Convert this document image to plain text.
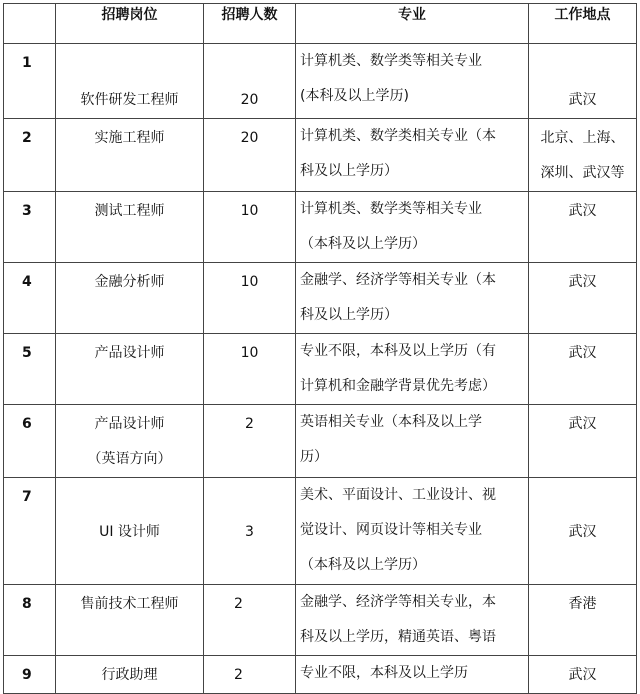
	招聘岗位	招聘人数	专业	工作地点

1	软件研发工程师	20	计算机类、数学类等相关专业
(本科及以上学历)	武汉

2	实施工程师	20	计算机类、数学类相关专业（本
科及以上学历）	北京、上海、
深圳、武汉等

3	测试工程师	10	计算机类、数学类等相关专业
（本科及以上学历）	武汉

4	金融分析师	10	金融学、经济学等相关专业（本
科及以上学历）	武汉

5	产品设计师	10	专业不限，本科及以上学历（有
计算机和金融学背景优先考虑）	武汉

6	产品设计师
（英语方向）	2	英语相关专业（本科及以上学
历）	武汉

7	UI 设计师	3	美术、平面设计、工业设计、视
觉设计、网页设计等相关专业
（本科及以上学历）	武汉

8	售前技术工程师	2	金融学、经济学等相关专业，本
科及以上学历，精通英语、粤语	香港

9	行政助理	2	专业不限，本科及以上学历	武汉
